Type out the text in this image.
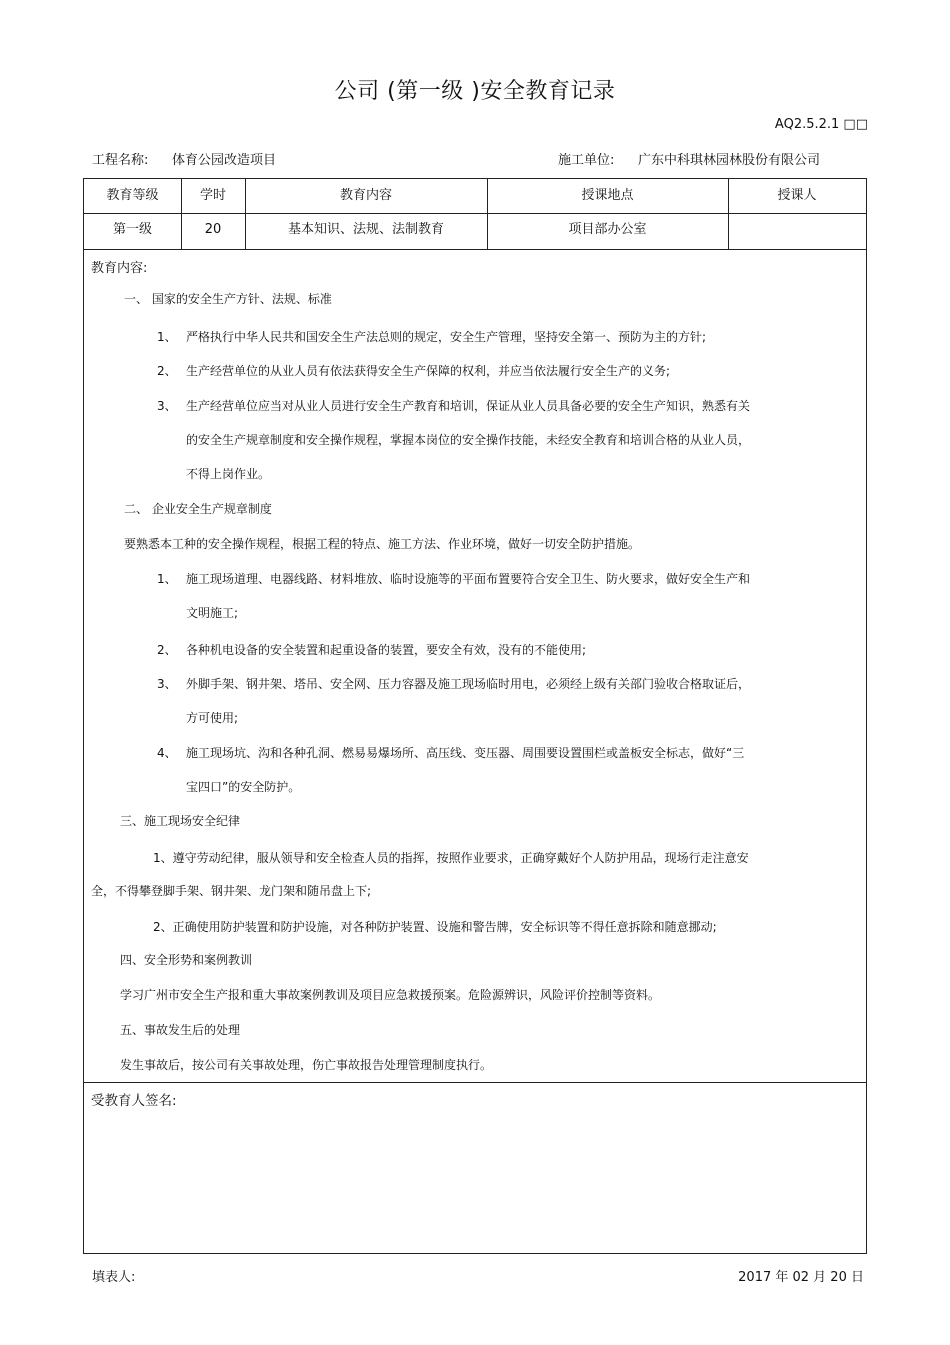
公司 (第一级 )安全教育记录
AQ2.5.2.1 □□
工程名称: 体育公园改造项目	施工单位: 广东中科琪林园林股份有限公司
教育等级	学时	教育内容	授课地点	授课人
第一级	20	基本知识、法规、法制教育	项目部办公室
教育内容:
一、 国家的安全生产方针、法规、标准
1、 严格执行中华人民共和国安全生产法总则的规定，安全生产管理，坚持安全第一、预防为主的方针;
2、 生产经营单位的从业人员有依法获得安全生产保障的权利，并应当依法履行安全生产的义务;
3、 生产经营单位应当对从业人员进行安全生产教育和培训，保证从业人员具备必要的安全生产知识，熟悉有关
的安全生产规章制度和安全操作规程，掌握本岗位的安全操作技能，未经安全教育和培训合格的从业人员，
不得上岗作业。
二、 企业安全生产规章制度
要熟悉本工种的安全操作规程，根据工程的特点、施工方法、作业环境，做好一切安全防护措施。
1、 施工现场道理、电器线路、材料堆放、临时设施等的平面布置要符合安全卫生、防火要求，做好安全生产和
文明施工;
2、 各种机电设备的安全装置和起重设备的装置，要安全有效，没有的不能使用;
3、 外脚手架、钢井架、塔吊、安全网、压力容器及施工现场临时用电，必须经上级有关部门验收合格取证后，
方可使用;
4、 施工现场坑、沟和各种孔洞、燃易易爆场所、高压线、变压器、周围要设置围栏或盖板安全标志，做好“三
宝四口”的安全防护。
三、施工现场安全纪律
1、遵守劳动纪律，服从领导和安全检查人员的指挥，按照作业要求，正确穿戴好个人防护用品，现场行走注意安
全，不得攀登脚手架、钢井架、龙门架和随吊盘上下;
2、正确使用防护装置和防护设施，对各种防护装置、设施和警告牌，安全标识等不得任意拆除和随意挪动;
四、安全形势和案例教训
学习广州市安全生产报和重大事故案例教训及项目应急救援预案。危险源辨识，风险评价控制等资料。
五、事故发生后的处理
发生事故后，按公司有关事故处理，伤亡事故报告处理管理制度执行。
受教育人签名:
填表人:	2017 年 02 月 20 日
